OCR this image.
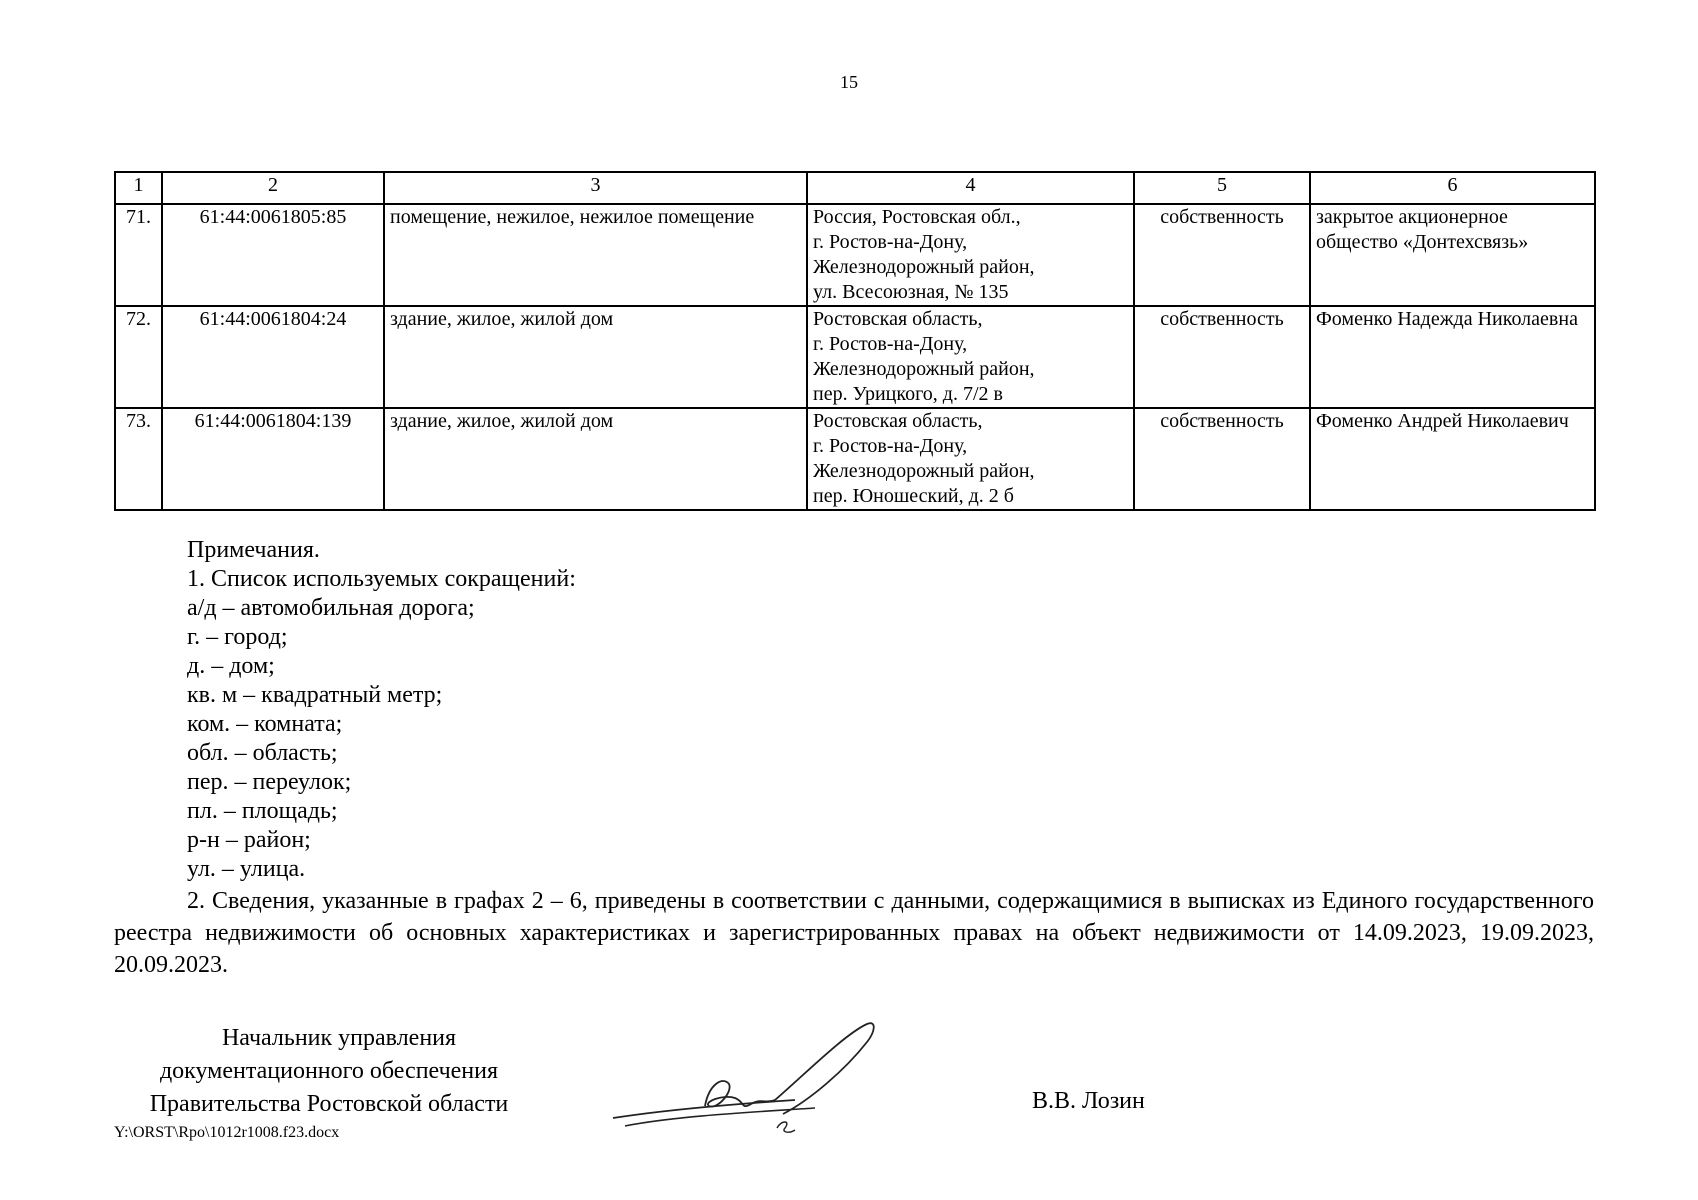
15
1	2	3	4	5	6
71.	61:44:0061805:85	помещение, нежилое, нежилое помещение	Россия, Ростовская обл.,
г. Ростов-на-Дону,
Железнодорожный район,
ул. Всесоюзная, № 135	собственность	закрытое акционерное общество «Донтехсвязь»
72.	61:44:0061804:24	здание, жилое, жилой дом	Ростовская область,
г. Ростов-на-Дону,
Железнодорожный район,
пер. Урицкого, д. 7/2 в	собственность	Фоменко Надежда Николаевна
73.	61:44:0061804:139	здание, жилое, жилой дом	Ростовская область,
г. Ростов-на-Дону,
Железнодорожный район,
пер. Юношеский, д. 2 б	собственность	Фоменко Андрей Николаевич
Примечания.
1. Список используемых сокращений:
а/д – автомобильная дорога;
г. – город;
д. – дом;
кв. м – квадратный метр;
ком. – комната;
обл. – область;
пер. – переулок;
пл. – площадь;
р-н – район;
ул. – улица.
2. Сведения, указанные в графах 2 – 6, приведены в соответствии с данными, содержащимися в выписках из Единого государственного реестра недвижимости об основных характеристиках и зарегистрированных правах на объект недвижимости от 14.09.2023, 19.09.2023, 20.09.2023.
Начальник управления
документационного обеспечения
Правительства Ростовской области	В.В. Лозин
Y:\ORST\Rpo\1012r1008.f23.docx
